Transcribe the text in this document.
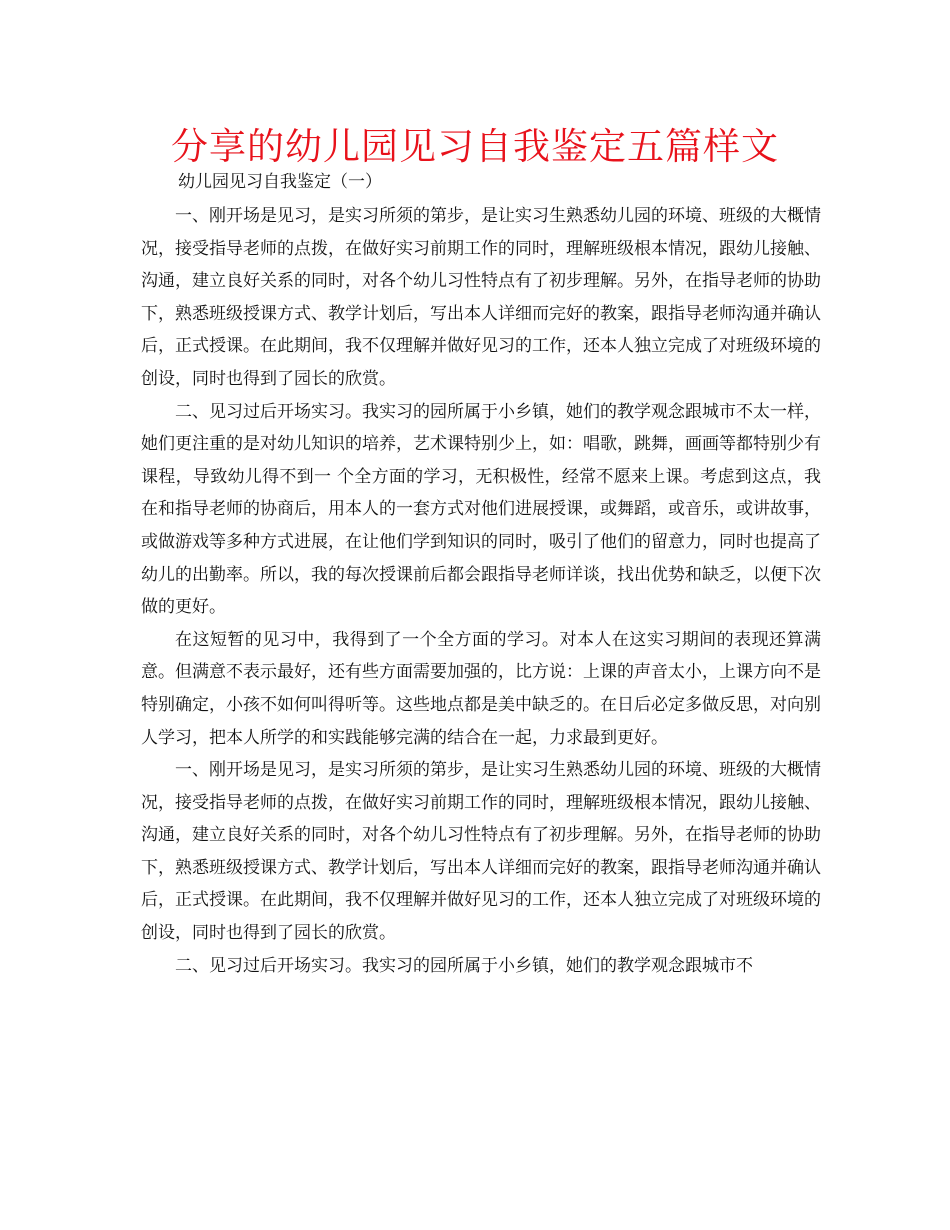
分享的幼儿园见习自我鉴定五篇样文
幼儿园见习自我鉴定（一）

一、刚开场是见习，是实习所须的第步，是让实习生熟悉幼儿园的环境、班级的大概情况，接受指导老师的点拨，在做好实习前期工作的同时，理解班级根本情况，跟幼儿接触、沟通，建立良好关系的同时，对各个幼儿习性特点有了初步理解。另外，在指导老师的协助下，熟悉班级授课方式、教学计划后，写出本人详细而完好的教案，跟指导老师沟通并确认后，正式授课。在此期间，我不仅理解并做好见习的工作，还本人独立完成了对班级环境的创设，同时也得到了园长的欣赏。

二、见习过后开场实习。我实习的园所属于小乡镇，她们的教学观念跟城市不太一样，她们更注重的是对幼儿知识的培养，艺术课特别少上，如：唱歌，跳舞，画画等都特别少有课程，导致幼儿得不到一 个全方面的学习，无积极性，经常不愿来上课。考虑到这点，我在和指导老师的协商后，用本人的一套方式对他们进展授课，或舞蹈，或音乐，或讲故事，或做游戏等多种方式进展，在让他们学到知识的同时，吸引了他们的留意力，同时也提高了幼儿的出勤率。所以，我的每次授课前后都会跟指导老师详谈，找出优势和缺乏，以便下次做的更好。

在这短暂的见习中，我得到了一个全方面的学习。对本人在这实习期间的表现还算满意。但满意不表示最好，还有些方面需要加强的，比方说：上课的声音太小，上课方向不是特别确定，小孩不如何叫得听等。这些地点都是美中缺乏的。在日后必定多做反思，对向别人学习，把本人所学的和实践能够完满的结合在一起，力求最到更好。

一、刚开场是见习，是实习所须的第步，是让实习生熟悉幼儿园的环境、班级的大概情况，接受指导老师的点拨，在做好实习前期工作的同时，理解班级根本情况，跟幼儿接触、沟通，建立良好关系的同时，对各个幼儿习性特点有了初步理解。另外，在指导老师的协助下，熟悉班级授课方式、教学计划后，写出本人详细而完好的教案，跟指导老师沟通并确认后，正式授课。在此期间，我不仅理解并做好见习的工作，还本人独立完成了对班级环境的创设，同时也得到了园长的欣赏。

二、见习过后开场实习。我实习的园所属于小乡镇，她们的教学观念跟城市不
